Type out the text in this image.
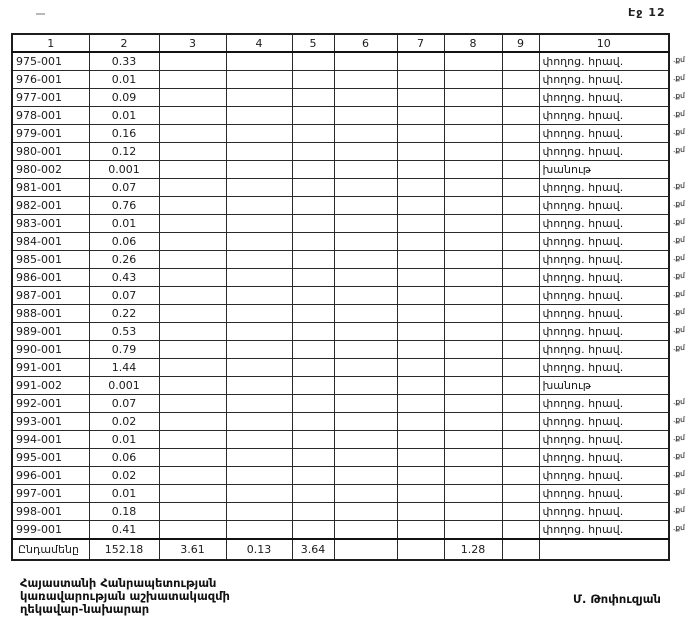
Էջ 12
1	2	3	4	5	6	7	8	9	10
975-001	0.33								փողոց. հրավ.
976-001	0.01								փողոց. հրավ.
977-001	0.09								փողոց. հրավ.
978-001	0.01								փողոց. հրավ.
979-001	0.16								փողոց. հրավ.
980-001	0.12								փողոց. հրավ.
980-002	0.001								խանութ
981-001	0.07								փողոց. հրավ.
982-001	0.76								փողոց. հրավ.
983-001	0.01								փողոց. հրավ.
984-001	0.06								փողոց. հրավ.
985-001	0.26								փողոց. հրավ.
986-001	0.43								փողոց. հրավ.
987-001	0.07								փողոց. հրավ.
988-001	0.22								փողոց. հրավ.
989-001	0.53								փողոց. հրավ.
990-001	0.79								փողոց. հրավ.
991-001	1.44								փողոց. հրավ.
991-002	0.001								խանութ
992-001	0.07								փողոց. հրավ.
993-001	0.02								փողոց. հրավ.
994-001	0.01								փողոց. հրավ.
995-001	0.06								փողոց. հրավ.
996-001	0.02								փողոց. հրավ.
997-001	0.01								փողոց. հրավ.
998-001	0.18								փողոց. հրավ.
999-001	0.41								փողոց. հրավ.
Ընդամենը	152.18	3.61	0.13	3.64			1.28		
.քմ
.քմ
.քմ
.քմ
.քմ
.քմ
.քմ
.քմ
.քմ
.քմ
.քմ
.քմ
.քմ
.քմ
.քմ
.քմ
.քմ
.քմ
.քմ
.քմ
.քմ
.քմ
.քմ
.քմ
Հայաստանի Հանրապետության
կառավարության աշխատակազմի
ղեկավար-նախարար
Մ. Թոփուզյան
